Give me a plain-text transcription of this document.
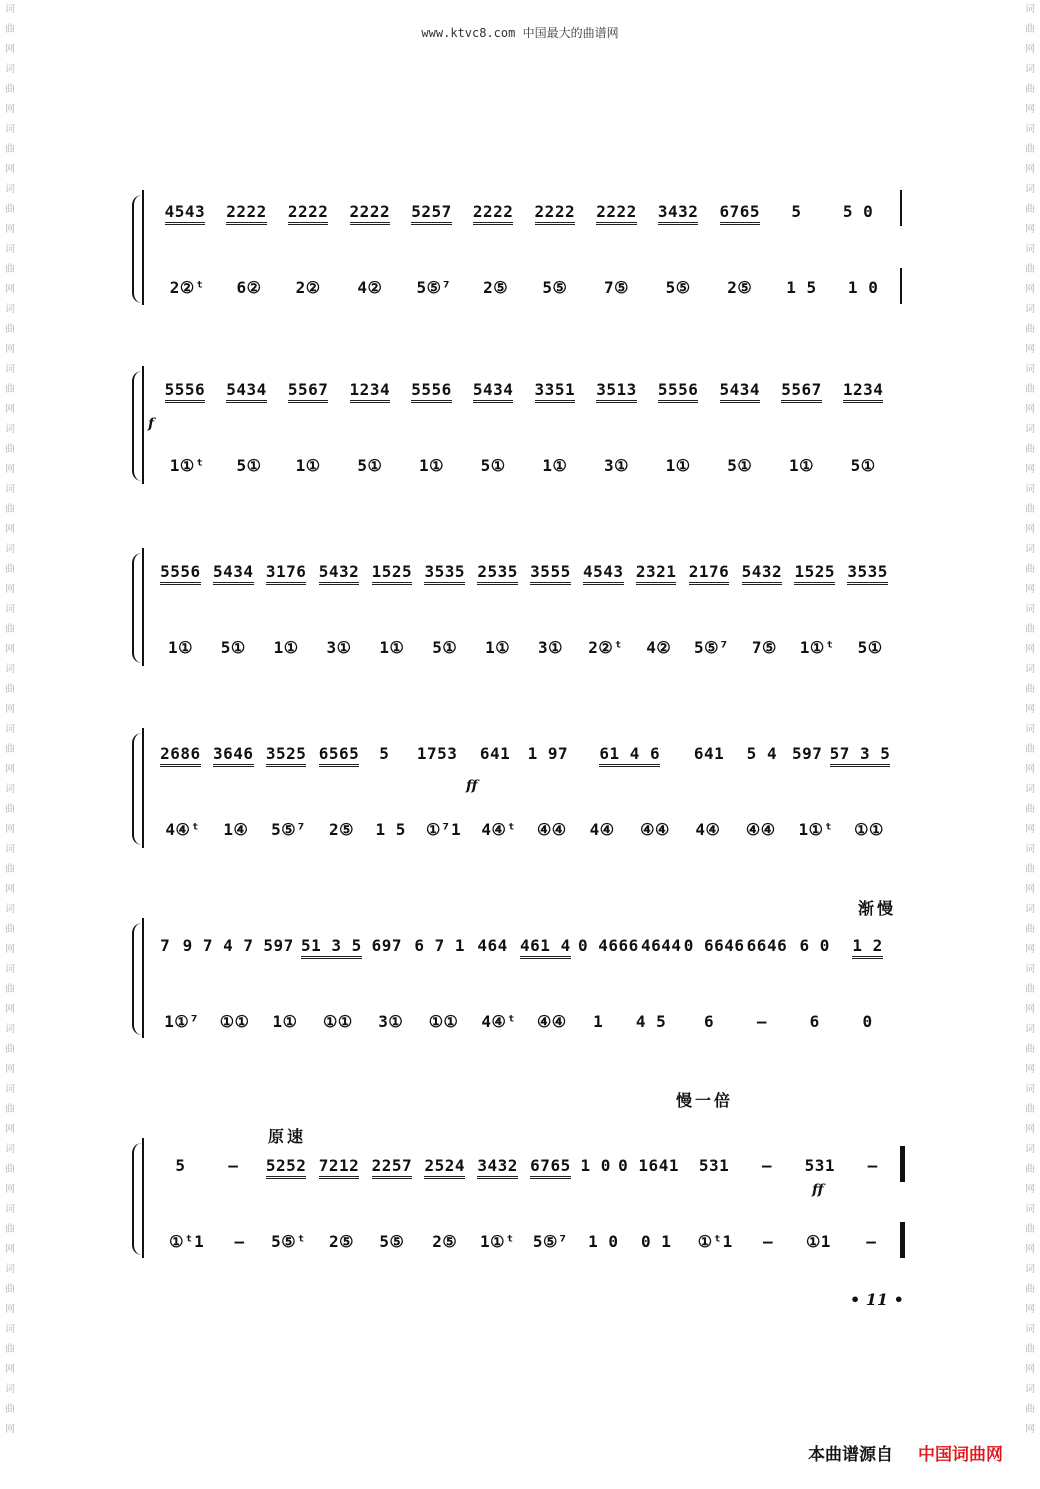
词曲网词曲网词曲网词曲网词曲网词曲网词曲网词曲网词曲网词曲网词曲网词曲网词曲网词曲网词曲网词曲网词曲网词曲网词曲网词曲网词曲网词曲网词曲网词曲网
词曲网词曲网词曲网词曲网词曲网词曲网词曲网词曲网词曲网词曲网词曲网词曲网词曲网词曲网词曲网词曲网词曲网词曲网词曲网词曲网词曲网词曲网词曲网词曲网
www.ktvc8.com 中国最大的曲谱网
4543 2222 2222 2222 5257 2222 2222 2222 3432 6765 5	5 0
2②ᵗ 6② 2② 4② 5⑤⁷ 2⑤ 5⑤ 7⑤ 5⑤ 2⑤ 1 5 1 0
f
5556 5434 5567 1234 5556 5434 3351 3513 5556 5434 5567 1234
1①ᵗ 5① 1① 5① 1① 5① 1① 3① 1① 5① 1① 5①
5556 5434 3176 5432 1525 3535 2535 3555 4543 2321 2176 5432 1525 3535
1① 5① 1① 3① 1① 5① 1① 3① 2②ᵗ 4② 5⑤⁷ 7⑤ 1①ᵗ 5①
ff
2686 3646 3525 6565 5 1753 641 1 97 61 4 6 641 5 4 597 57 3 5
4④ᵗ 1④ 5⑤⁷ 2⑤ 1 5 ①⁷1 4④ᵗ ④④ 4④ ④④ 4④ ④④ 1①ᵗ ①①
渐慢
7 9 7 4 7 597 51 3 5 697 6 7 1 464 461 4 0 4666 4644 0 6646 6646 6 0 1 2
1①⁷ ①① 1① ①① 3① ①① 4④ᵗ ④④ 1 4 5 6	–	6	0
原速
慢一倍
ff
5	– 5252 7212 2257 2524 3432 6765 1 0 0 1641 531 – 531 –
①ᵗ1 – 5⑤ᵗ 2⑤ 5⑤ 2⑤ 1①ᵗ 5⑤⁷ 1 0 0 1 ①ᵗ1 – ①1 –
• 11 •
本曲谱源自 中国词曲网
